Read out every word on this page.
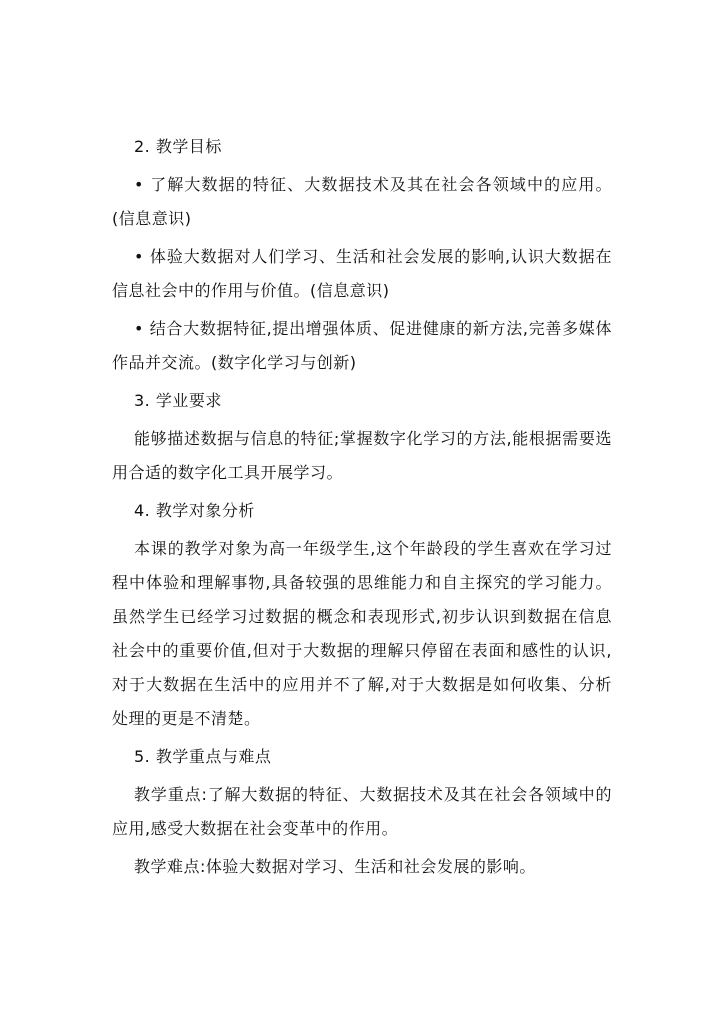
2. 教学目标

• 了解大数据的特征、大数据技术及其在社会各领域中的应用。(信息意识)

• 体验大数据对人们学习、生活和社会发展的影响,认识大数据在信息社会中的作用与价值。(信息意识)

• 结合大数据特征,提出增强体质、促进健康的新方法,完善多媒体作品并交流。(数字化学习与创新)

3. 学业要求

能够描述数据与信息的特征;掌握数字化学习的方法,能根据需要选用合适的数字化工具开展学习。

4. 教学对象分析

本课的教学对象为高一年级学生,这个年龄段的学生喜欢在学习过程中体验和理解事物,具备较强的思维能力和自主探究的学习能力。虽然学生已经学习过数据的概念和表现形式,初步认识到数据在信息社会中的重要价值,但对于大数据的理解只停留在表面和感性的认识,对于大数据在生活中的应用并不了解,对于大数据是如何收集、分析处理的更是不清楚。

5. 教学重点与难点

教学重点:了解大数据的特征、大数据技术及其在社会各领域中的应用,感受大数据在社会变革中的作用。

教学难点:体验大数据对学习、生活和社会发展的影响。
